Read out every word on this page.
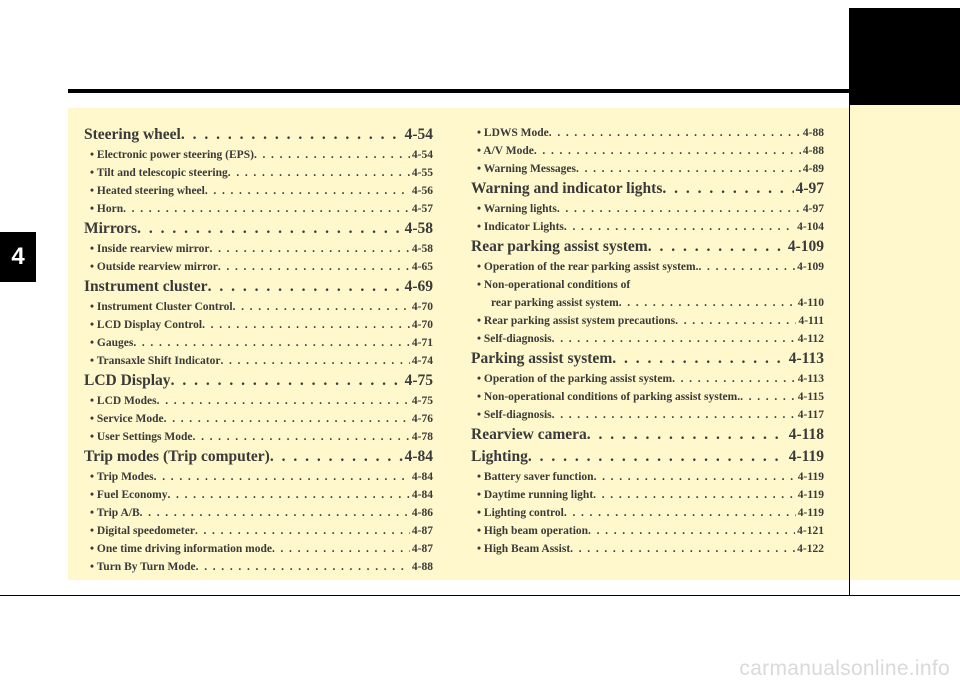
4
Steering wheel . . .	4-54
• Electronic power steering (EPS) . . .	4-54
• Tilt and telescopic steering . . .	4-55
• Heated steering wheel . . .	4-56
• Horn . . .	4-57
Mirrors . . .	4-58
• Inside rearview mirror . . .	4-58
• Outside rearview mirror . . .	4-65
Instrument cluster . . .	4-69
• Instrument Cluster Control . . .	4-70
• LCD Display Control . . .	4-70
• Gauges . . .	4-71
• Transaxle Shift Indicator . . .	4-74
LCD Display . . .	4-75
• LCD Modes . . .	4-75
• Service Mode . . .	4-76
• User Settings Mode . . .	4-78
Trip modes (Trip computer) . . .	4-84
• Trip Modes . . .	4-84
• Fuel Economy . . .	4-84
• Trip A/B . . .	4-86
• Digital speedometer . . .	4-87
• One time driving information mode . . .	4-87
• Turn By Turn Mode . . .	4-88
• LDWS Mode . . .	4-88
• A/V Mode . . .	4-88
• Warning Messages . . .	4-89
Warning and indicator lights . . .	4-97
• Warning lights . . .	4-97
• Indicator Lights . . .	4-104
Rear parking assist system . . .	4-109
• Operation of the rear parking assist system. . . .	4-109
• Non-operational conditions of
rear parking assist system . . .	4-110
• Rear parking assist system precautions . . .	4-111
• Self-diagnosis . . .	4-112
Parking assist system . . .	4-113
• Operation of the parking assist system . . .	4-113
• Non-operational conditions of parking assist system. . . .	4-115
• Self-diagnosis . . .	4-117
Rearview camera . . .	4-118
Lighting . . .	4-119
• Battery saver function . . .	4-119
• Daytime running light . . .	4-119
• Lighting control . . .	4-119
• High beam operation . . .	4-121
• High Beam Assist . . .	4-122
carmanualsonline.info
